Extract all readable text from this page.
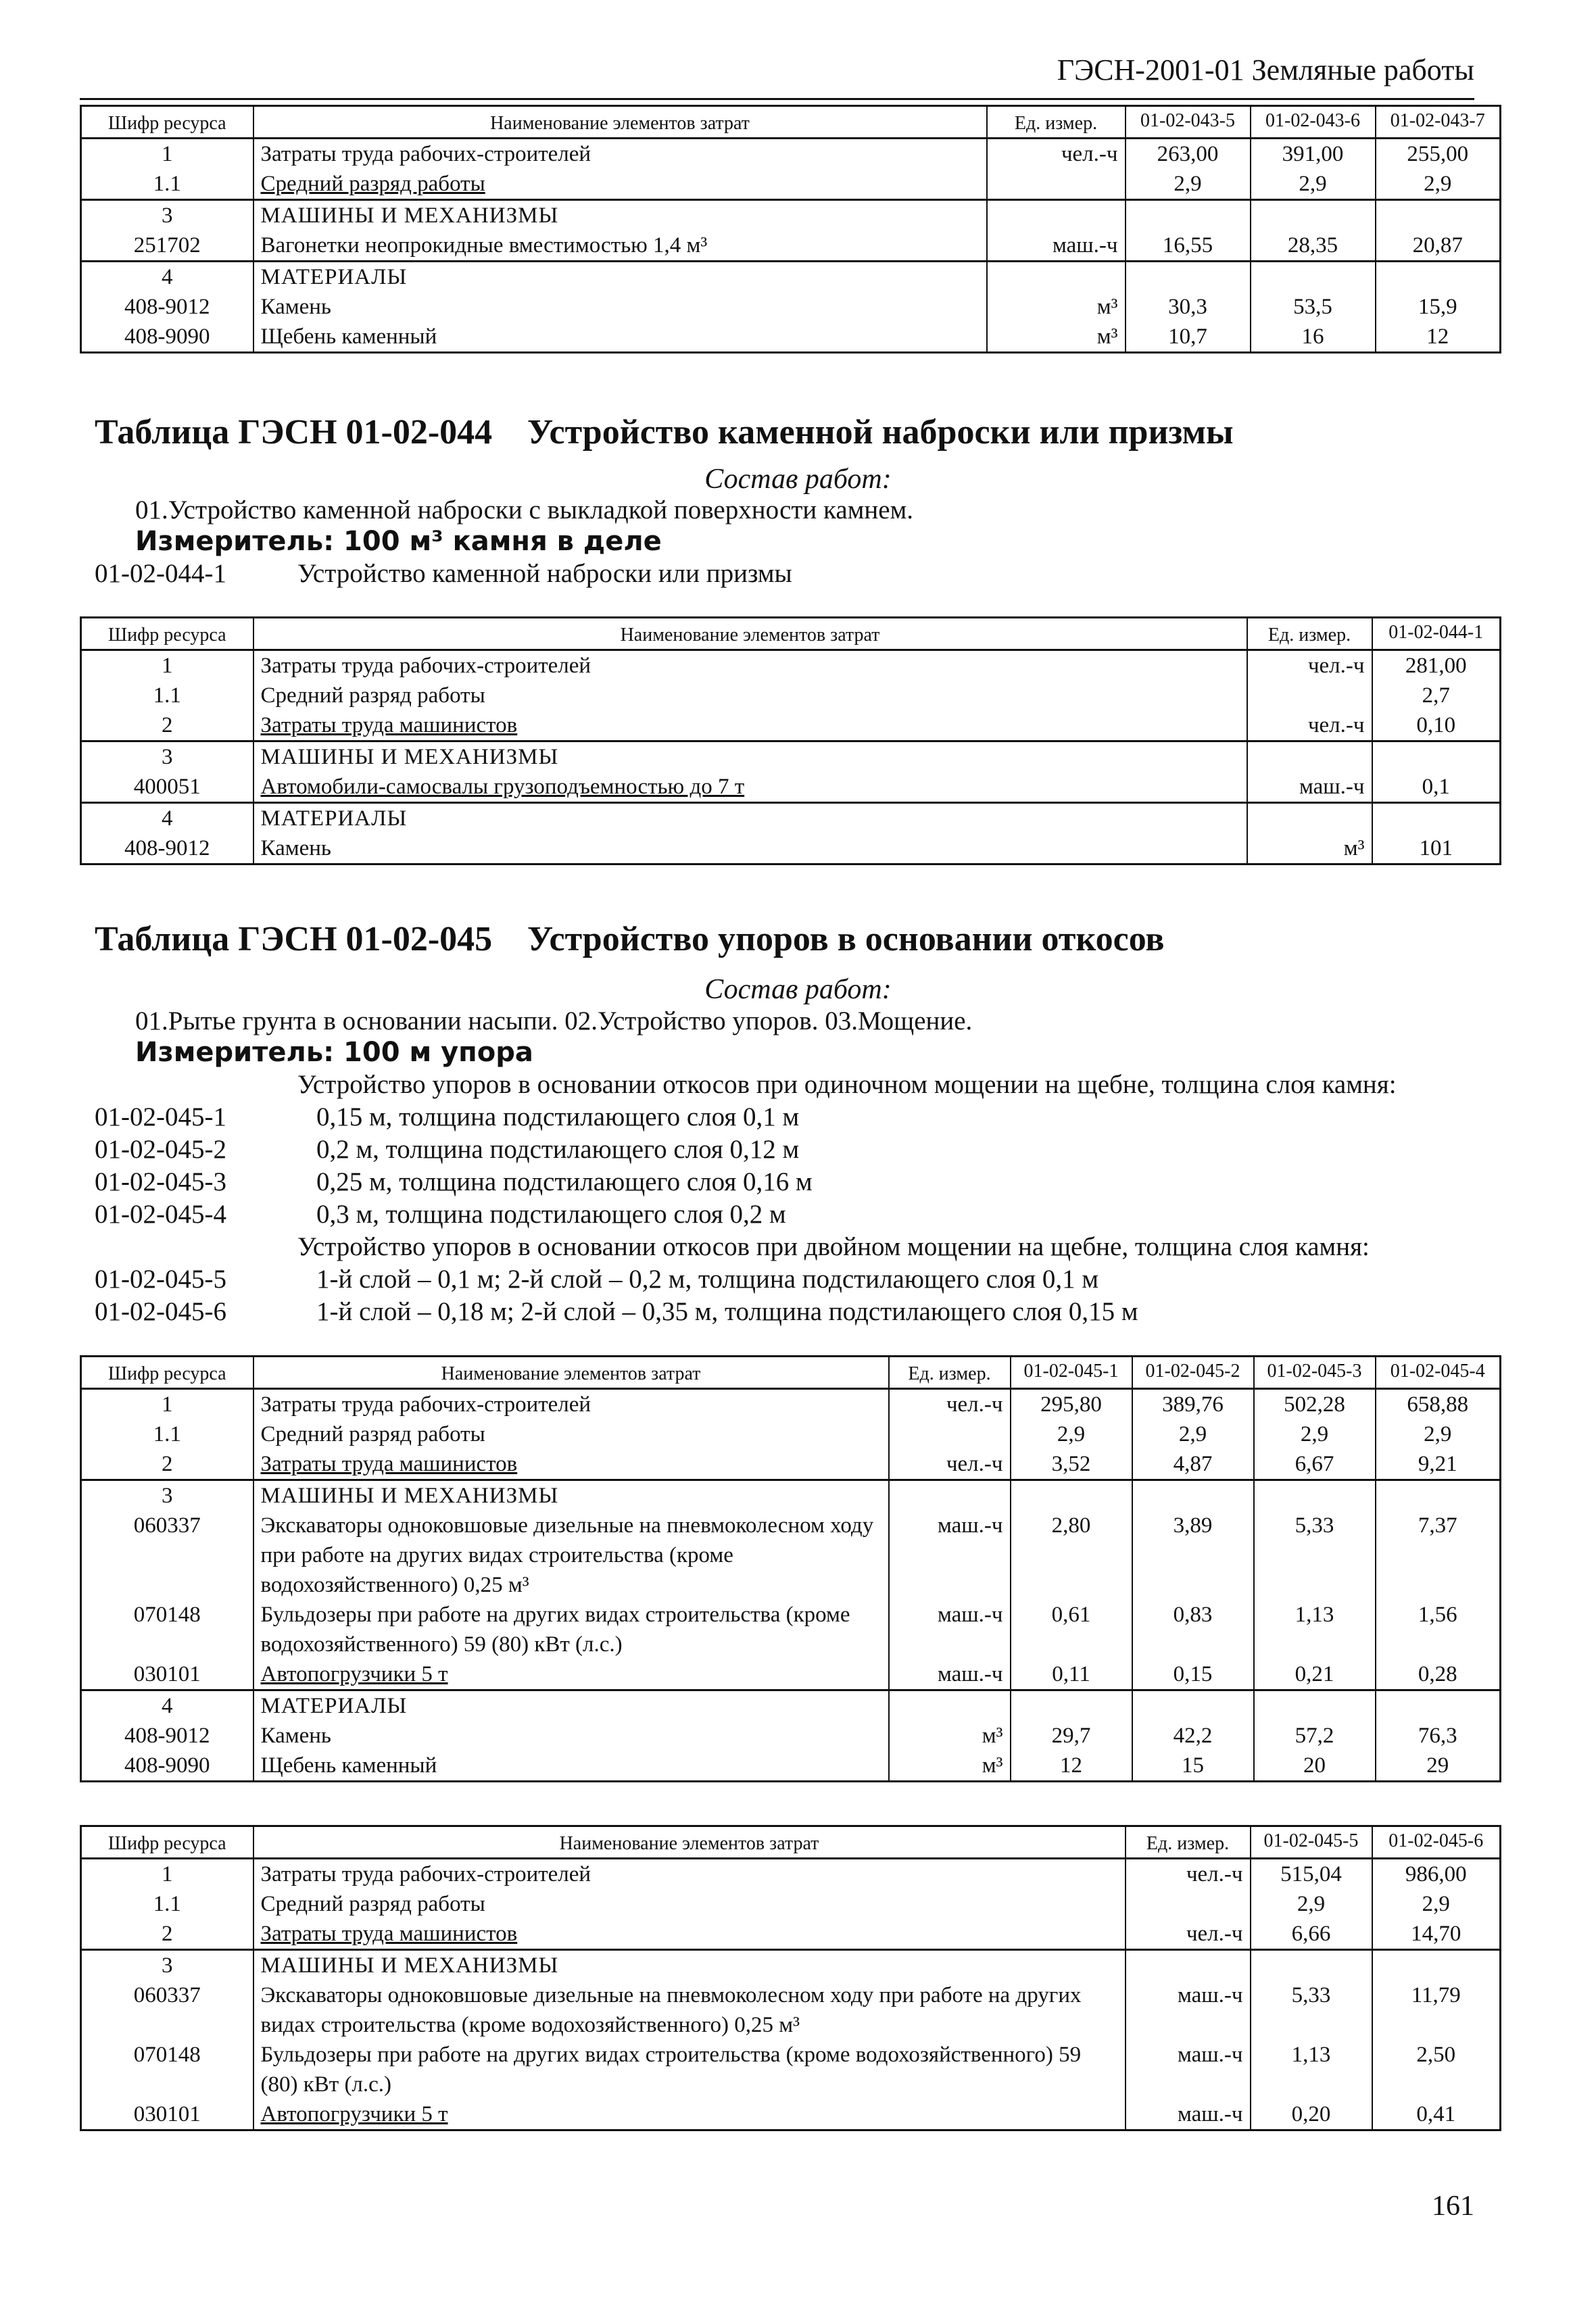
ГЭСН-2001-01 Земляные работы
Шифр ресурса	Наименование элементов затрат	Ед. измер.	01-02-043-5	01-02-043-6	01-02-043-7
1	Затраты труда рабочих-строителей	чел.-ч	263,00	391,00	255,00
1.1	Средний разряд работы		2,9	2,9	2,9
3	МАШИНЫ И МЕХАНИЗМЫ				
251702	Вагонетки неопрокидные вместимостью 1,4 м³	маш.-ч	16,55	28,35	20,87
4	МАТЕРИАЛЫ				
408-9012	Камень	м³	30,3	53,5	15,9
408-9090	Щебень каменный	м³	10,7	16	12
Таблица ГЭСН 01-02-044 Устройство каменной наброски или призмы
Состав работ:
01.Устройство каменной наброски с выкладкой поверхности камнем.
Измеритель: 100 м³ камня в деле
01-02-044-1	Устройство каменной наброски или призмы
Шифр ресурса	Наименование элементов затрат	Ед. измер.	01-02-044-1
1	Затраты труда рабочих-строителей	чел.-ч	281,00
1.1	Средний разряд работы		2,7
2	Затраты труда машинистов	чел.-ч	0,10
3	МАШИНЫ И МЕХАНИЗМЫ		
400051	Автомобили-самосвалы грузоподъемностью до 7 т	маш.-ч	0,1
4	МАТЕРИАЛЫ		
408-9012	Камень	м³	101
Таблица ГЭСН 01-02-045 Устройство упоров в основании откосов
Состав работ:
01.Рытье грунта в основании насыпи. 02.Устройство упоров. 03.Мощение.
Измеритель: 100 м упора
Устройство упоров в основании откосов при одиночном мощении на щебне, толщина слоя камня:
01-02-045-1	0,15 м, толщина подстилающего слоя 0,1 м
01-02-045-2	0,2 м, толщина подстилающего слоя 0,12 м
01-02-045-3	0,25 м, толщина подстилающего слоя 0,16 м
01-02-045-4	0,3 м, толщина подстилающего слоя 0,2 м
Устройство упоров в основании откосов при двойном мощении на щебне, толщина слоя камня:
01-02-045-5	1-й слой – 0,1 м; 2-й слой – 0,2 м, толщина подстилающего слоя 0,1 м
01-02-045-6	1-й слой – 0,18 м; 2-й слой – 0,35 м, толщина подстилающего слоя 0,15 м
Шифр ресурса	Наименование элементов затрат	Ед. измер.	01-02-045-1	01-02-045-2	01-02-045-3	01-02-045-4
1	Затраты труда рабочих-строителей	чел.-ч	295,80	389,76	502,28	658,88
1.1	Средний разряд работы		2,9	2,9	2,9	2,9
2	Затраты труда машинистов	чел.-ч	3,52	4,87	6,67	9,21
3	МАШИНЫ И МЕХАНИЗМЫ					
060337	Экскаваторы одноковшовые дизельные на пневмоколесном ходу при работе на других видах строительства (кроме водохозяйственного) 0,25 м³	маш.-ч	2,80	3,89	5,33	7,37
070148	Бульдозеры при работе на других видах строительства (кроме водохозяйственного) 59 (80) кВт (л.с.)	маш.-ч	0,61	0,83	1,13	1,56
030101	Автопогрузчики 5 т	маш.-ч	0,11	0,15	0,21	0,28
4	МАТЕРИАЛЫ					
408-9012	Камень	м³	29,7	42,2	57,2	76,3
408-9090	Щебень каменный	м³	12	15	20	29
Шифр ресурса	Наименование элементов затрат	Ед. измер.	01-02-045-5	01-02-045-6
1	Затраты труда рабочих-строителей	чел.-ч	515,04	986,00
1.1	Средний разряд работы		2,9	2,9
2	Затраты труда машинистов	чел.-ч	6,66	14,70
3	МАШИНЫ И МЕХАНИЗМЫ			
060337	Экскаваторы одноковшовые дизельные на пневмоколесном ходу при работе на других видах строительства (кроме водохозяйственного) 0,25 м³	маш.-ч	5,33	11,79
070148	Бульдозеры при работе на других видах строительства (кроме водохозяйственного) 59 (80) кВт (л.с.)	маш.-ч	1,13	2,50
030101	Автопогрузчики 5 т	маш.-ч	0,20	0,41
161
